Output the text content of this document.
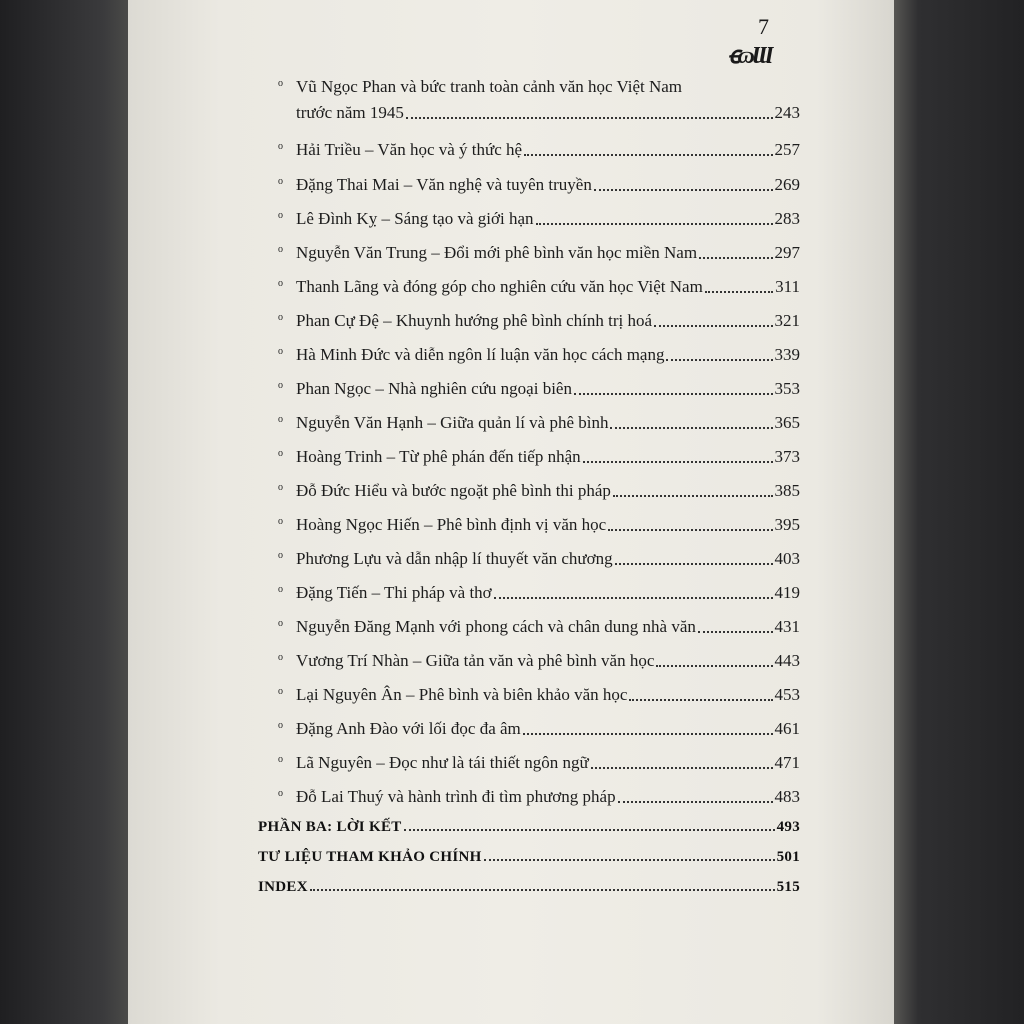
7
ꞓɷƜ
o Vũ Ngọc Phan và bức tranh toàn cảnh văn học Việt Nam
trước năm 1945	243
o Hải Triều – Văn học và ý thức hệ	257
o Đặng Thai Mai – Văn nghệ và tuyên truyền	269
o Lê Đình Kỵ – Sáng tạo và giới hạn	283
o Nguyễn Văn Trung – Đổi mới phê bình văn học miền Nam	297
o Thanh Lãng và đóng góp cho nghiên cứu văn học Việt Nam	311
o Phan Cự Đệ – Khuynh hướng phê bình chính trị hoá	321
o Hà Minh Đức và diễn ngôn lí luận văn học cách mạng	339
o Phan Ngọc – Nhà nghiên cứu ngoại biên	353
o Nguyễn Văn Hạnh – Giữa quản lí và phê bình	365
o Hoàng Trinh – Từ phê phán đến tiếp nhận	373
o Đỗ Đức Hiểu và bước ngoặt phê bình thi pháp	385
o Hoàng Ngọc Hiến – Phê bình định vị văn học	395
o Phương Lựu và dẫn nhập lí thuyết văn chương	403
o Đặng Tiến – Thi pháp và thơ	419
o Nguyễn Đăng Mạnh với phong cách và chân dung nhà văn	431
o Vương Trí Nhàn – Giữa tản văn và phê bình văn học	443
o Lại Nguyên Ân – Phê bình và biên khảo văn học	453
o Đặng Anh Đào với lối đọc đa âm	461
o Lã Nguyên – Đọc như là tái thiết ngôn ngữ	471
o Đỗ Lai Thuý và hành trình đi tìm phương pháp	483
PHẦN BA: LỜI KẾT	493
TƯ LIỆU THAM KHẢO CHÍNH	501
INDEX	515
